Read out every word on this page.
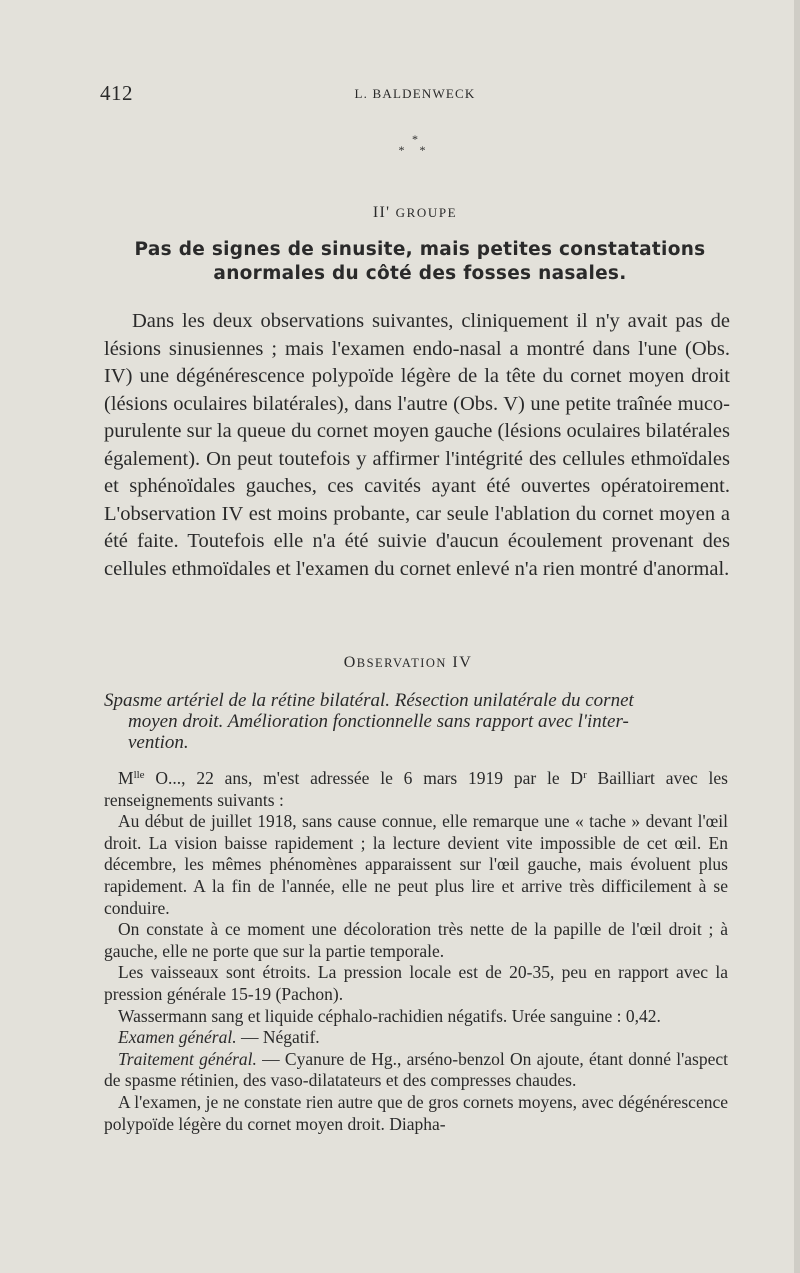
412	L. BALDENWECK
*
* *
II' GROUPE
Pas de signes de sinusite, mais petites constatations
anormales du côté des fosses nasales.

Dans les deux observations suivantes, cliniquement il n'y avait pas de lésions sinusiennes ; mais l'examen endo-nasal a montré dans l'une (Obs. IV) une dégénérescence polypoïde légère de la tête du cornet moyen droit (lésions oculaires bilatérales), dans l'autre (Obs. V) une petite traînée muco-purulente sur la queue du cornet moyen gauche (lésions oculaires bilatérales également). On peut toutefois y affirmer l'intégrité des cellules ethmoïdales et sphénoïdales gauches, ces cavités ayant été ouvertes opératoirement. L'observation IV est moins probante, car seule l'ablation du cornet moyen a été faite. Toutefois elle n'a été suivie d'aucun écoulement provenant des cellules ethmoïdales et l'examen du cornet enlevé n'a rien montré d'anormal.

OBSERVATION IV
Spasme artériel de la rétine bilatéral. Résection unilatérale du cornet
moyen droit. Amélioration fonctionnelle sans rapport avec l'inter-
vention.

$M^{lle}$ O..., 22 ans, m'est adressée le 6 mars 1919 par le $D^r$ Bailliart avec les renseignements suivants :

Au début de juillet 1918, sans cause connue, elle remarque une « tache » devant l'œil droit. La vision baisse rapidement ; la lecture devient vite impossible de cet œil. En décembre, les mêmes phénomènes apparaissent sur l'œil gauche, mais évoluent plus rapidement. A la fin de l'année, elle ne peut plus lire et arrive très difficilement à se conduire.

On constate à ce moment une décoloration très nette de la papille de l'œil droit ; à gauche, elle ne porte que sur la partie temporale.

Les vaisseaux sont étroits. La pression locale est de 20-35, peu en rapport avec la pression générale 15-19 (Pachon).

Wassermann sang et liquide céphalo-rachidien négatifs. Urée sanguine : 0,42.

Examen général. — Négatif.

Traitement général. — Cyanure de Hg., arséno-benzol On ajoute, étant donné l'aspect de spasme rétinien, des vaso-dilatateurs et des compresses chaudes.

A l'examen, je ne constate rien autre que de gros cornets moyens, avec dégénérescence polypoïde légère du cornet moyen droit. Diapha-
